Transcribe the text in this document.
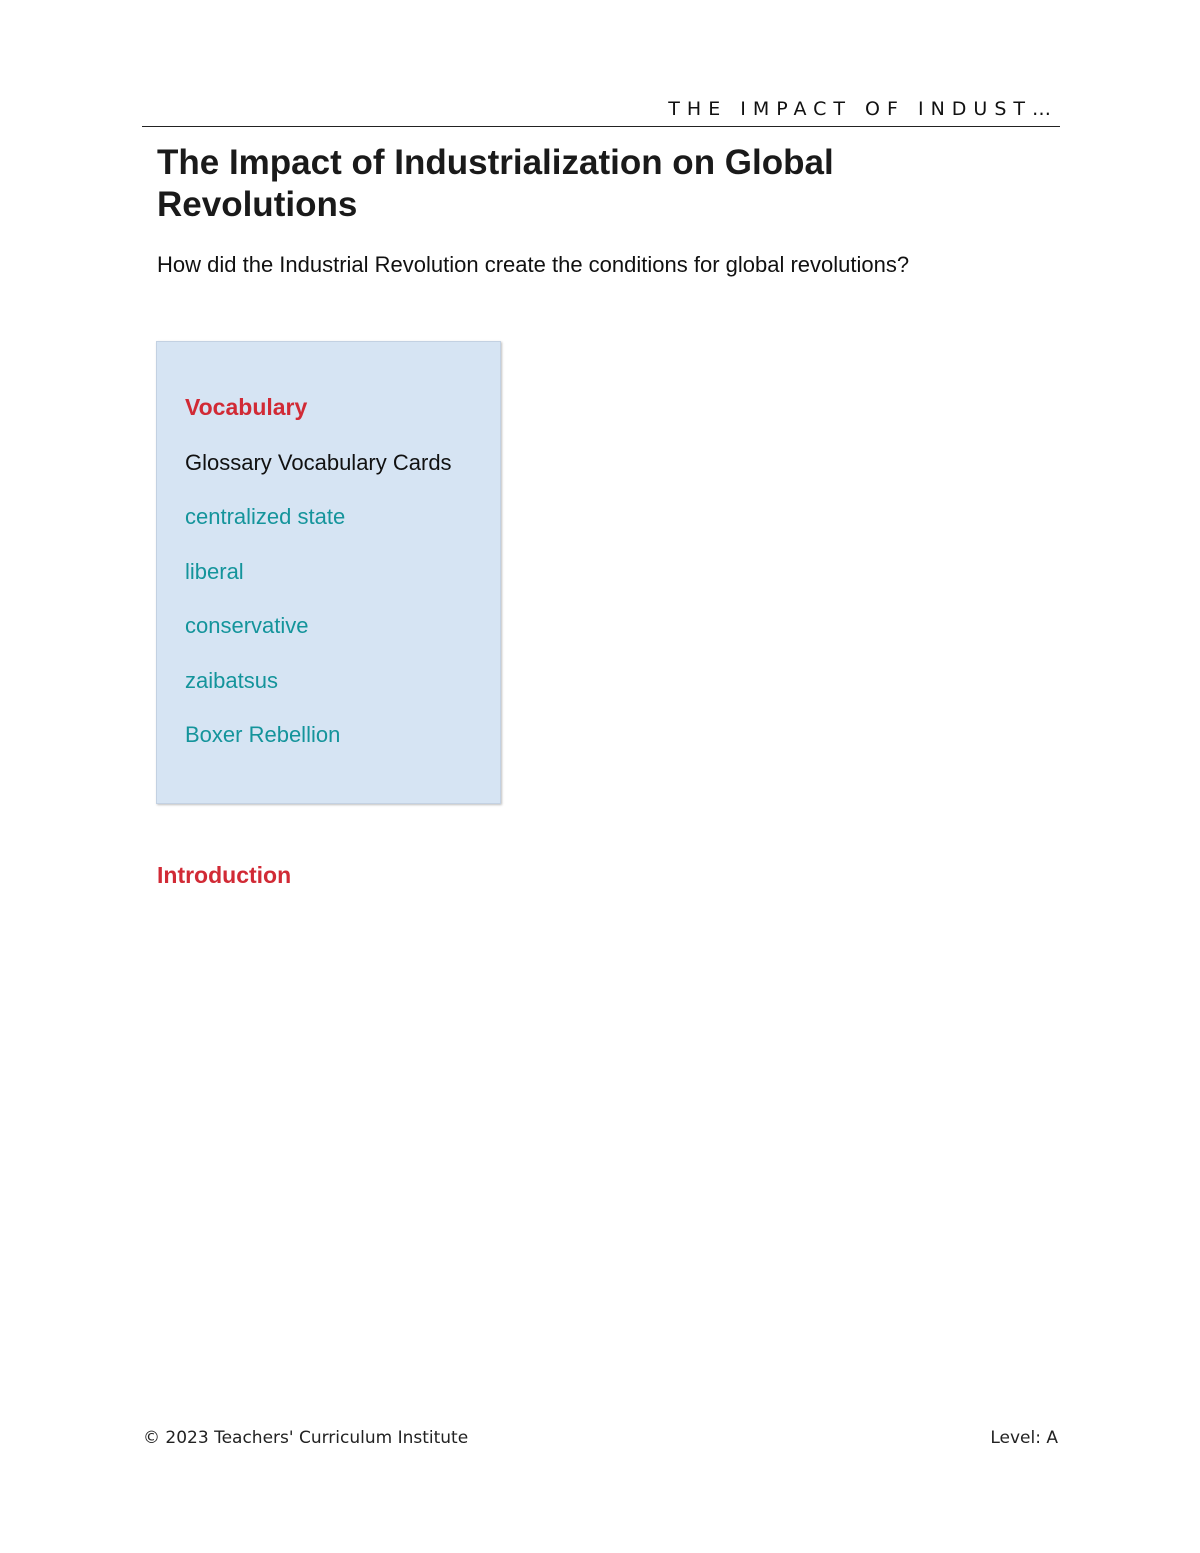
THE IMPACT OF INDUST…
The Impact of Industrialization on Global Revolutions

How did the Industrial Revolution create the conditions for global revolutions?

Vocabulary
Glossary Vocabulary Cards
centralized state
liberal
conservative
zaibatsus
Boxer Rebellion
Introduction
© 2023 Teachers' Curriculum Institute	Level: A
